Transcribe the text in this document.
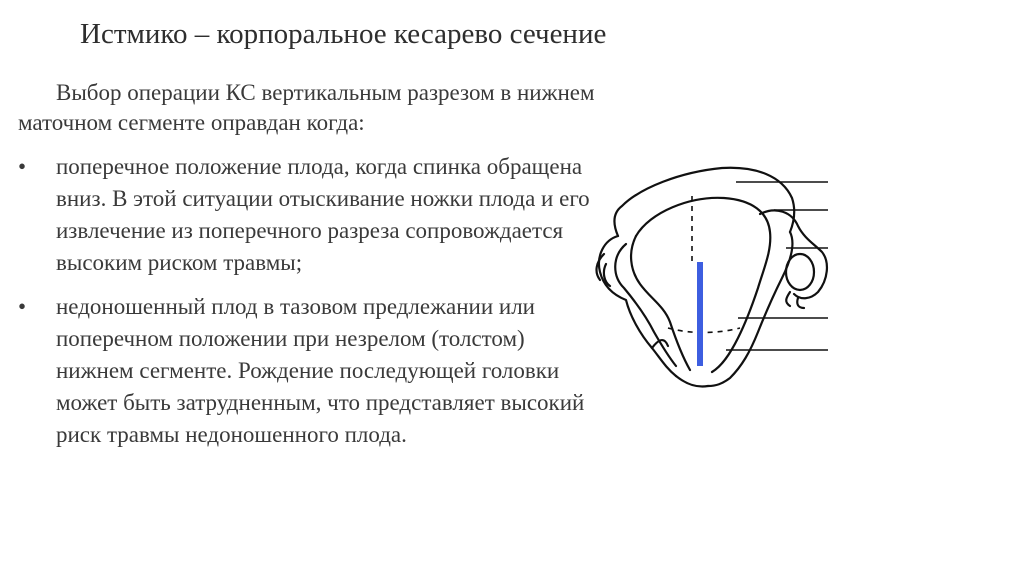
Истмико – корпоральное кесарево сечение
Выбор операции КС вертикальным разрезом в нижнем
маточном сегменте оправдан когда:
• поперечное положение плода, когда спинка обращена
вниз. В этой ситуации отыскивание ножки плода и его
извлечение из поперечного разреза сопровождается
высоким риском травмы;
• недоношенный плод в тазовом предлежании или
поперечном положении при незрелом (толстом)
нижнем сегменте. Рождение последующей головки
может быть затрудненным, что представляет высокий
риск травмы недоношенного плода.
